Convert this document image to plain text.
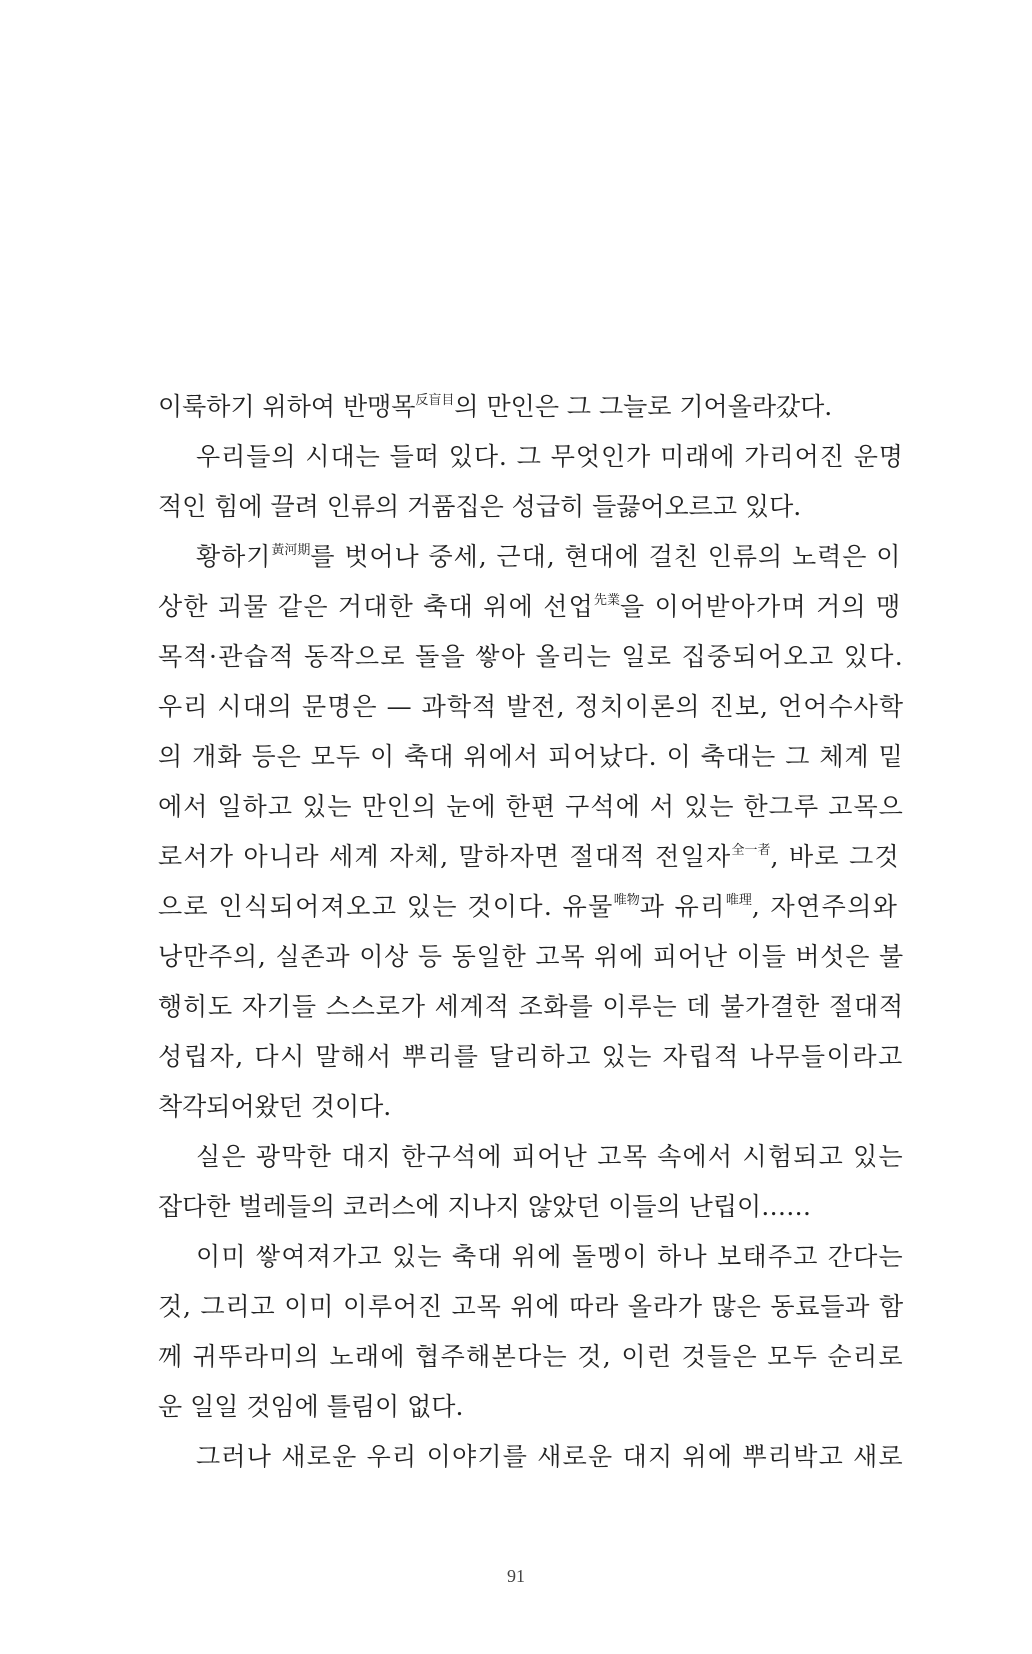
이룩하기 위하여 반맹목$^{反盲目}$의 만인은 그 그늘로 기어올라갔다.
우리들의 시대는 들떠 있다. 그 무엇인가 미래에 가리어진 운명
적인 힘에 끌려 인류의 거품집은 성급히 들끓어오르고 있다.
황하기$^{黃河期}$를 벗어나 중세, 근대, 현대에 걸친 인류의 노력은 이
상한 괴물 같은 거대한 축대 위에 선업$^{先業}$을 이어받아가며 거의 맹
목적·관습적 동작으로 돌을 쌓아 올리는 일로 집중되어오고 있다.
우리 시대의 문명은 — 과학적 발전, 정치이론의 진보, 언어수사학
의 개화 등은 모두 이 축대 위에서 피어났다. 이 축대는 그 체계 밑
에서 일하고 있는 만인의 눈에 한편 구석에 서 있는 한그루 고목으
로서가 아니라 세계 자체, 말하자면 절대적 전일자$^{全一者}$, 바로 그것
으로 인식되어져오고 있는 것이다. 유물$^{唯物}$과 유리$^{唯理}$, 자연주의와
낭만주의, 실존과 이상 등 동일한 고목 위에 피어난 이들 버섯은 불
행히도 자기들 스스로가 세계적 조화를 이루는 데 불가결한 절대적
성립자, 다시 말해서 뿌리를 달리하고 있는 자립적 나무들이라고
착각되어왔던 것이다.
실은 광막한 대지 한구석에 피어난 고목 속에서 시험되고 있는
잡다한 벌레들의 코러스에 지나지 않았던 이들의 난립이……
이미 쌓여져가고 있는 축대 위에 돌멩이 하나 보태주고 간다는
것, 그리고 이미 이루어진 고목 위에 따라 올라가 많은 동료들과 함
께 귀뚜라미의 노래에 협주해본다는 것, 이런 것들은 모두 순리로
운 일일 것임에 틀림이 없다.
그러나 새로운 우리 이야기를 새로운 대지 위에 뿌리박고 새로
91
